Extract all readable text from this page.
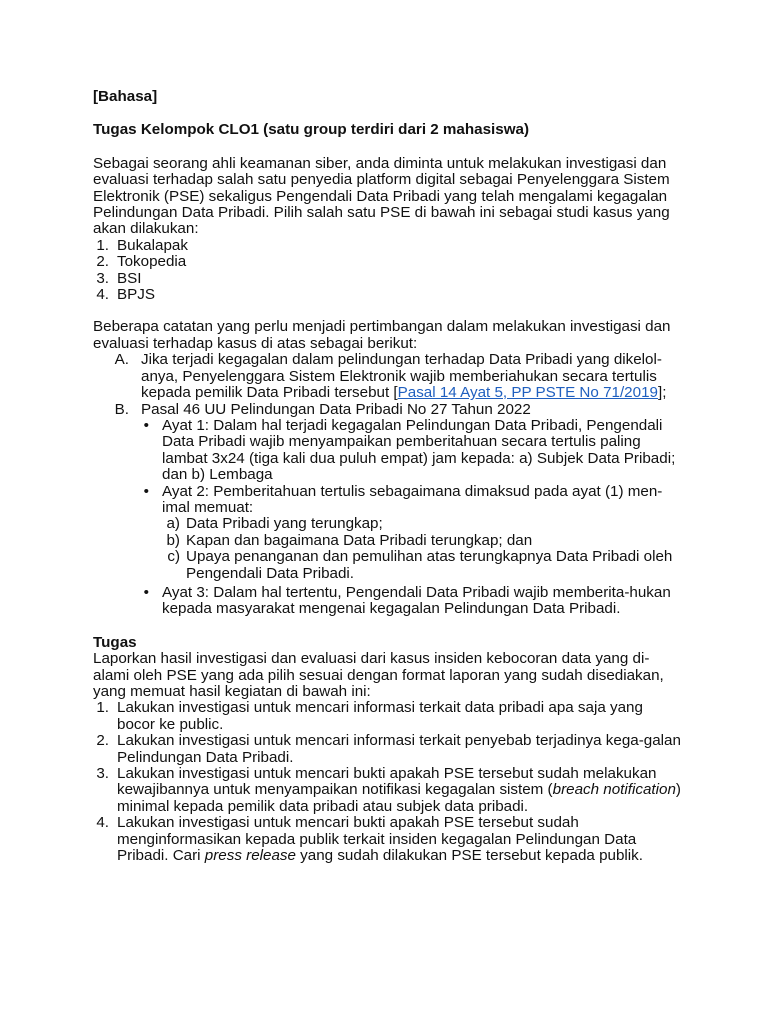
[Bahasa]

Tugas Kelompok CLO1 (satu group terdiri dari 2 mahasiswa)

Sebagai seorang ahli keamanan siber, anda diminta untuk melakukan investigasi dan evaluasi terhadap salah satu penyedia platform digital sebagai Penyelenggara Sistem Elektronik (PSE) sekaligus Pengendali Data Pribadi yang telah mengalami kegagalan Pelindungan Data Pribadi. Pilih salah satu PSE di bawah ini sebagai studi kasus yang akan dilakukan:

1. Bukalapak
2. Tokopedia
3. BSI
4. BPJS

Beberapa catatan yang perlu menjadi pertimbangan dalam melakukan investigasi dan evaluasi terhadap kasus di atas sebagai berikut:

A. Jika terjadi kegagalan dalam pelindungan terhadap Data Pribadi yang dikelol-anya, Penyelenggara Sistem Elektronik wajib memberiahukan secara tertulis kepada pemilik Data Pribadi tersebut [Pasal 14 Ayat 5, PP PSTE No 71/2019];
B. Pasal 46 UU Pelindungan Data Pribadi No 27 Tahun 2022
• Ayat 1: Dalam hal terjadi kegagalan Pelindungan Data Pribadi, Pengendali Data Pribadi wajib menyampaikan pemberitahuan secara tertulis paling lambat 3x24 (tiga kali dua puluh empat) jam kepada: a) Subjek Data Pribadi; dan b) Lembaga
• Ayat 2: Pemberitahuan tertulis sebagaimana dimaksud pada ayat (1) men-imal memuat:
a) Data Pribadi yang terungkap;
b) Kapan dan bagaimana Data Pribadi terungkap; dan
c) Upaya penanganan dan pemulihan atas terungkapnya Data Pribadi oleh Pengendali Data Pribadi.
• Ayat 3: Dalam hal tertentu, Pengendali Data Pribadi wajib memberita-hukan kepada masyarakat mengenai kegagalan Pelindungan Data Pribadi.

Tugas

Laporkan hasil investigasi dan evaluasi dari kasus insiden kebocoran data yang di-alami oleh PSE yang ada pilih sesuai dengan format laporan yang sudah disediakan, yang memuat hasil kegiatan di bawah ini:

1. Lakukan investigasi untuk mencari informasi terkait data pribadi apa saja yang bocor ke public.
2. Lakukan investigasi untuk mencari informasi terkait penyebab terjadinya kega-galan Pelindungan Data Pribadi.
3. Lakukan investigasi untuk mencari bukti apakah PSE tersebut sudah melakukan kewajibannya untuk menyampaikan notifikasi kegagalan sistem (breach notification) minimal kepada pemilik data pribadi atau subjek data pribadi.
4. Lakukan investigasi untuk mencari bukti apakah PSE tersebut sudah menginformasikan kepada publik terkait insiden kegagalan Pelindungan Data Pribadi. Cari press release yang sudah dilakukan PSE tersebut kepada publik.
